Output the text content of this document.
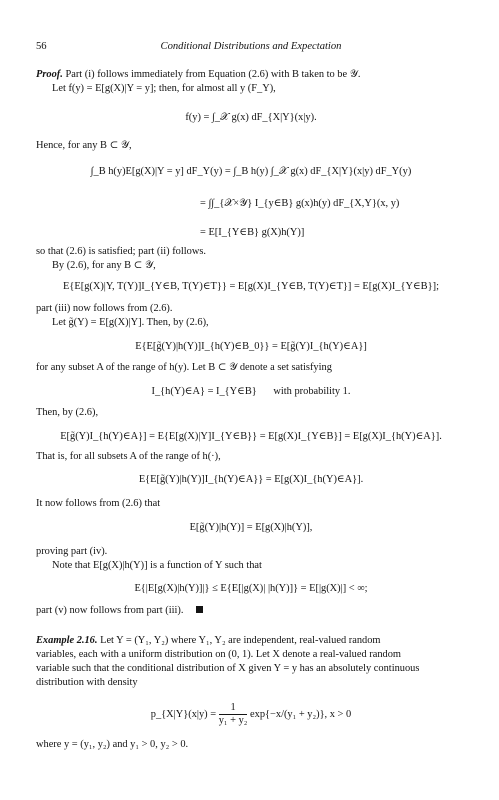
56	Conditional Distributions and Expectation
Proof. Part (i) follows immediately from Equation (2.6) with B taken to be 𝒴.
Let f(y) = E[g(X)|Y = y]; then, for almost all y (F_Y),
f(y) = ∫_𝒳 g(x) dF_{X|Y}(x|y).
Hence, for any B ⊂ 𝒴,
∫_B h(y)E[g(X)|Y = y] dF_Y(y) = ∫_B h(y) ∫_𝒳 g(x) dF_{X|Y}(x|y) dF_Y(y)
= ∫∫_{𝒳×𝒴} I_{y∈B} g(x)h(y) dF_{X,Y}(x, y)
= E[I_{Y∈B} g(X)h(Y)]
so that (2.6) is satisfied; part (ii) follows.
By (2.6), for any B ⊂ 𝒴,
E{E[g(X)|Y, T(Y)]I_{Y∈B, T(Y)∈T}} = E[g(X)I_{Y∈B, T(Y)∈T}] = E[g(X)I_{Y∈B}];
part (iii) now follows from (2.6).
Let g̃(Y) = E[g(X)|Y]. Then, by (2.6),
E{E[g̃(Y)|h(Y)]I_{h(Y)∈B_0}} = E[g̃(Y)I_{h(Y)∈A}]
for any subset A of the range of h(y). Let B ⊂ 𝒴 denote a set satisfying
I_{h(Y)∈A} = I_{Y∈B} with probability 1.
Then, by (2.6),
E[g̃(Y)I_{h(Y)∈A}] = E{E[g(X)|Y]I_{Y∈B}} = E[g(X)I_{Y∈B}] = E[g(X)I_{h(Y)∈A}].
That is, for all subsets A of the range of h(·),
E{E[g̃(Y)|h(Y)]I_{h(Y)∈A}} = E[g(X)I_{h(Y)∈A}].
It now follows from (2.6) that
E[g̃(Y)|h(Y)] = E[g(X)|h(Y)],
proving part (iv).
Note that E[g(X)|h(Y)] is a function of Y such that
E{|E[g(X)|h(Y)]|} ≤ E{E[|g(X)| |h(Y)]} = E[|g(X)|] < ∞;
part (v) now follows from part (iii).
Example 2.16. Let Y = (Y₁, Y₂) where Y₁, Y₂ are independent, real-valued random
variables, each with a uniform distribution on (0, 1). Let X denote a real-valued random
variable such that the conditional distribution of X given Y = y has an absolutely continuous
distribution with density
p_{X|Y}(x|y) = $\frac{1}{\text{y₁ + y₂}} \exp\{-x/(y_1 + y_2)\}$, x > 0
where y = (y₁, y₂) and y₁ > 0, y₂ > 0.
